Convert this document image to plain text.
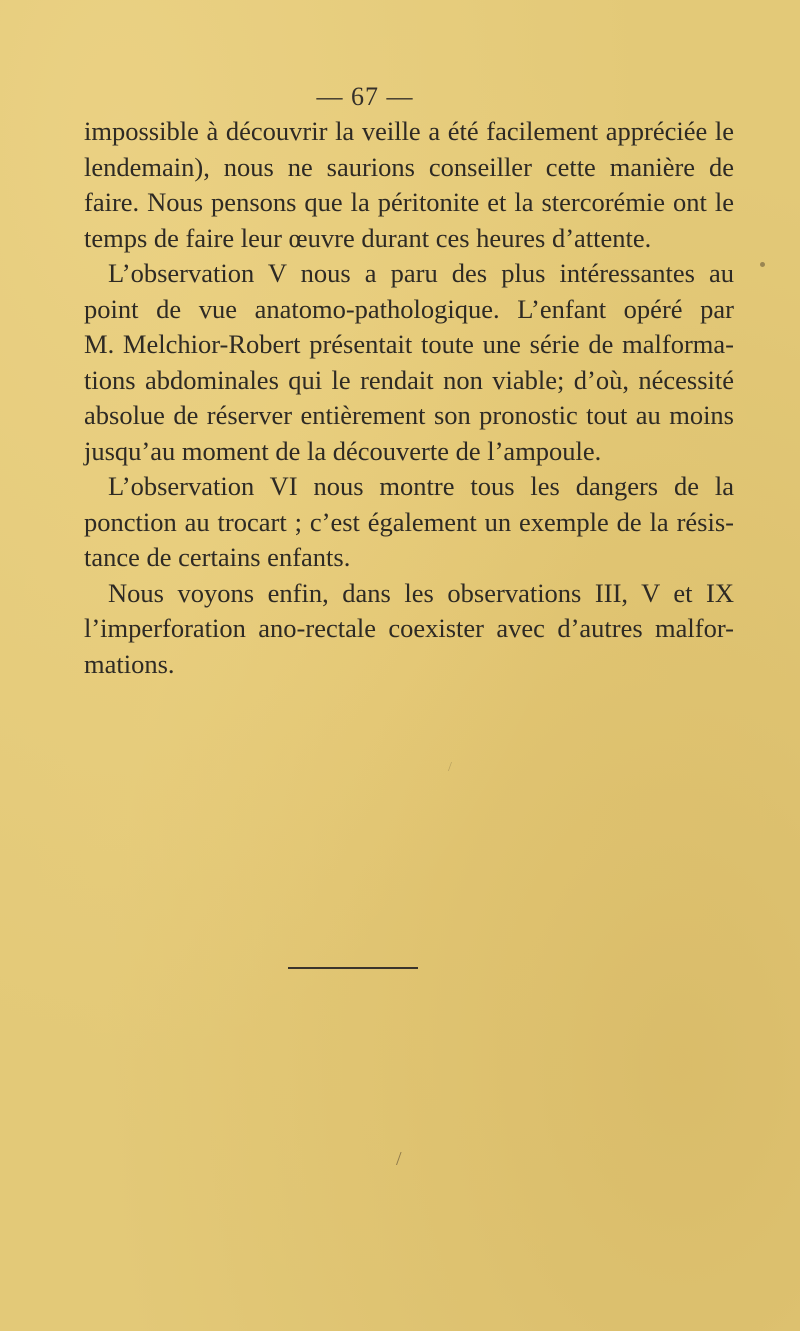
— 67 —

impossible à découvrir la veille a été facilement appréciée le
lendemain), nous ne saurions conseiller cette manière de
faire. Nous pensons que la péritonite et la stercorémie ont le
temps de faire leur œuvre durant ces heures d’attente.

L’observation V nous a paru des plus intéressantes au
point de vue anatomo-pathologique. L’enfant opéré par
M. Melchior-Robert présentait toute une série de malforma-
tions abdominales qui le rendait non viable; d’où, nécessité
absolue de réserver entièrement son pronostic tout au moins
jusqu’au moment de la découverte de l’ampoule.

L’observation VI nous montre tous les dangers de la
ponction au trocart ; c’est également un exemple de la résis-
tance de certains enfants.

Nous voyons enfin, dans les observations III, V et IX
l’imperforation ano-rectale coexister avec d’autres malfor-
mations.

/
/
